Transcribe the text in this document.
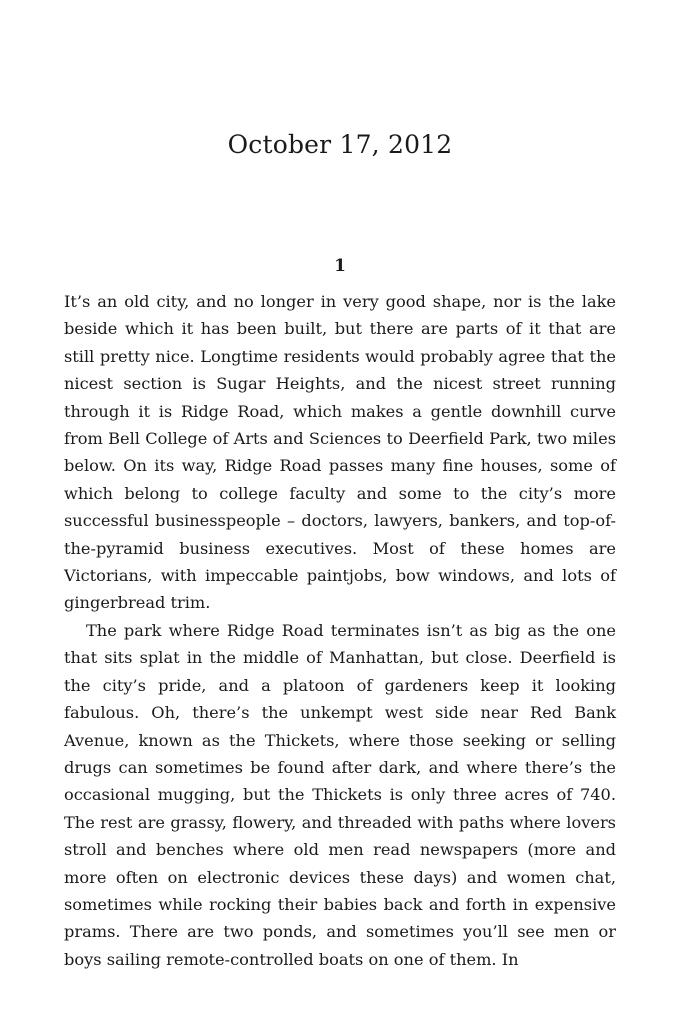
October 17, 2012
1

It’s an old city, and no longer in very good shape, nor is the lake beside which it has been built, but there are parts of it that are still pretty nice. Longtime residents would probably agree that the nicest section is Sugar Heights, and the nicest street running through it is Ridge Road, which makes a gentle downhill curve from Bell College of Arts and Sciences to Deerfield Park, two miles below. On its way, Ridge Road passes many fine houses, some of which belong to college faculty and some to the city’s more successful businesspeople – doctors, lawyers, bankers, and top-of-the-pyramid business executives. Most of these homes are Victorians, with impeccable paintjobs, bow windows, and lots of gingerbread trim.

The park where Ridge Road terminates isn’t as big as the one that sits splat in the middle of Manhattan, but close. Deerfield is the city’s pride, and a platoon of gardeners keep it looking fabulous. Oh, there’s the unkempt west side near Red Bank Avenue, known as the Thickets, where those seeking or selling drugs can sometimes be found after dark, and where there’s the occasional mugging, but the Thickets is only three acres of 740. The rest are grassy, flowery, and threaded with paths where lovers stroll and benches where old men read newspapers (more and more often on electronic devices these days) and women chat, sometimes while rocking their babies back and forth in expensive prams. There are two ponds, and sometimes you’ll see men or boys sailing remote-controlled boats on one of them. In
